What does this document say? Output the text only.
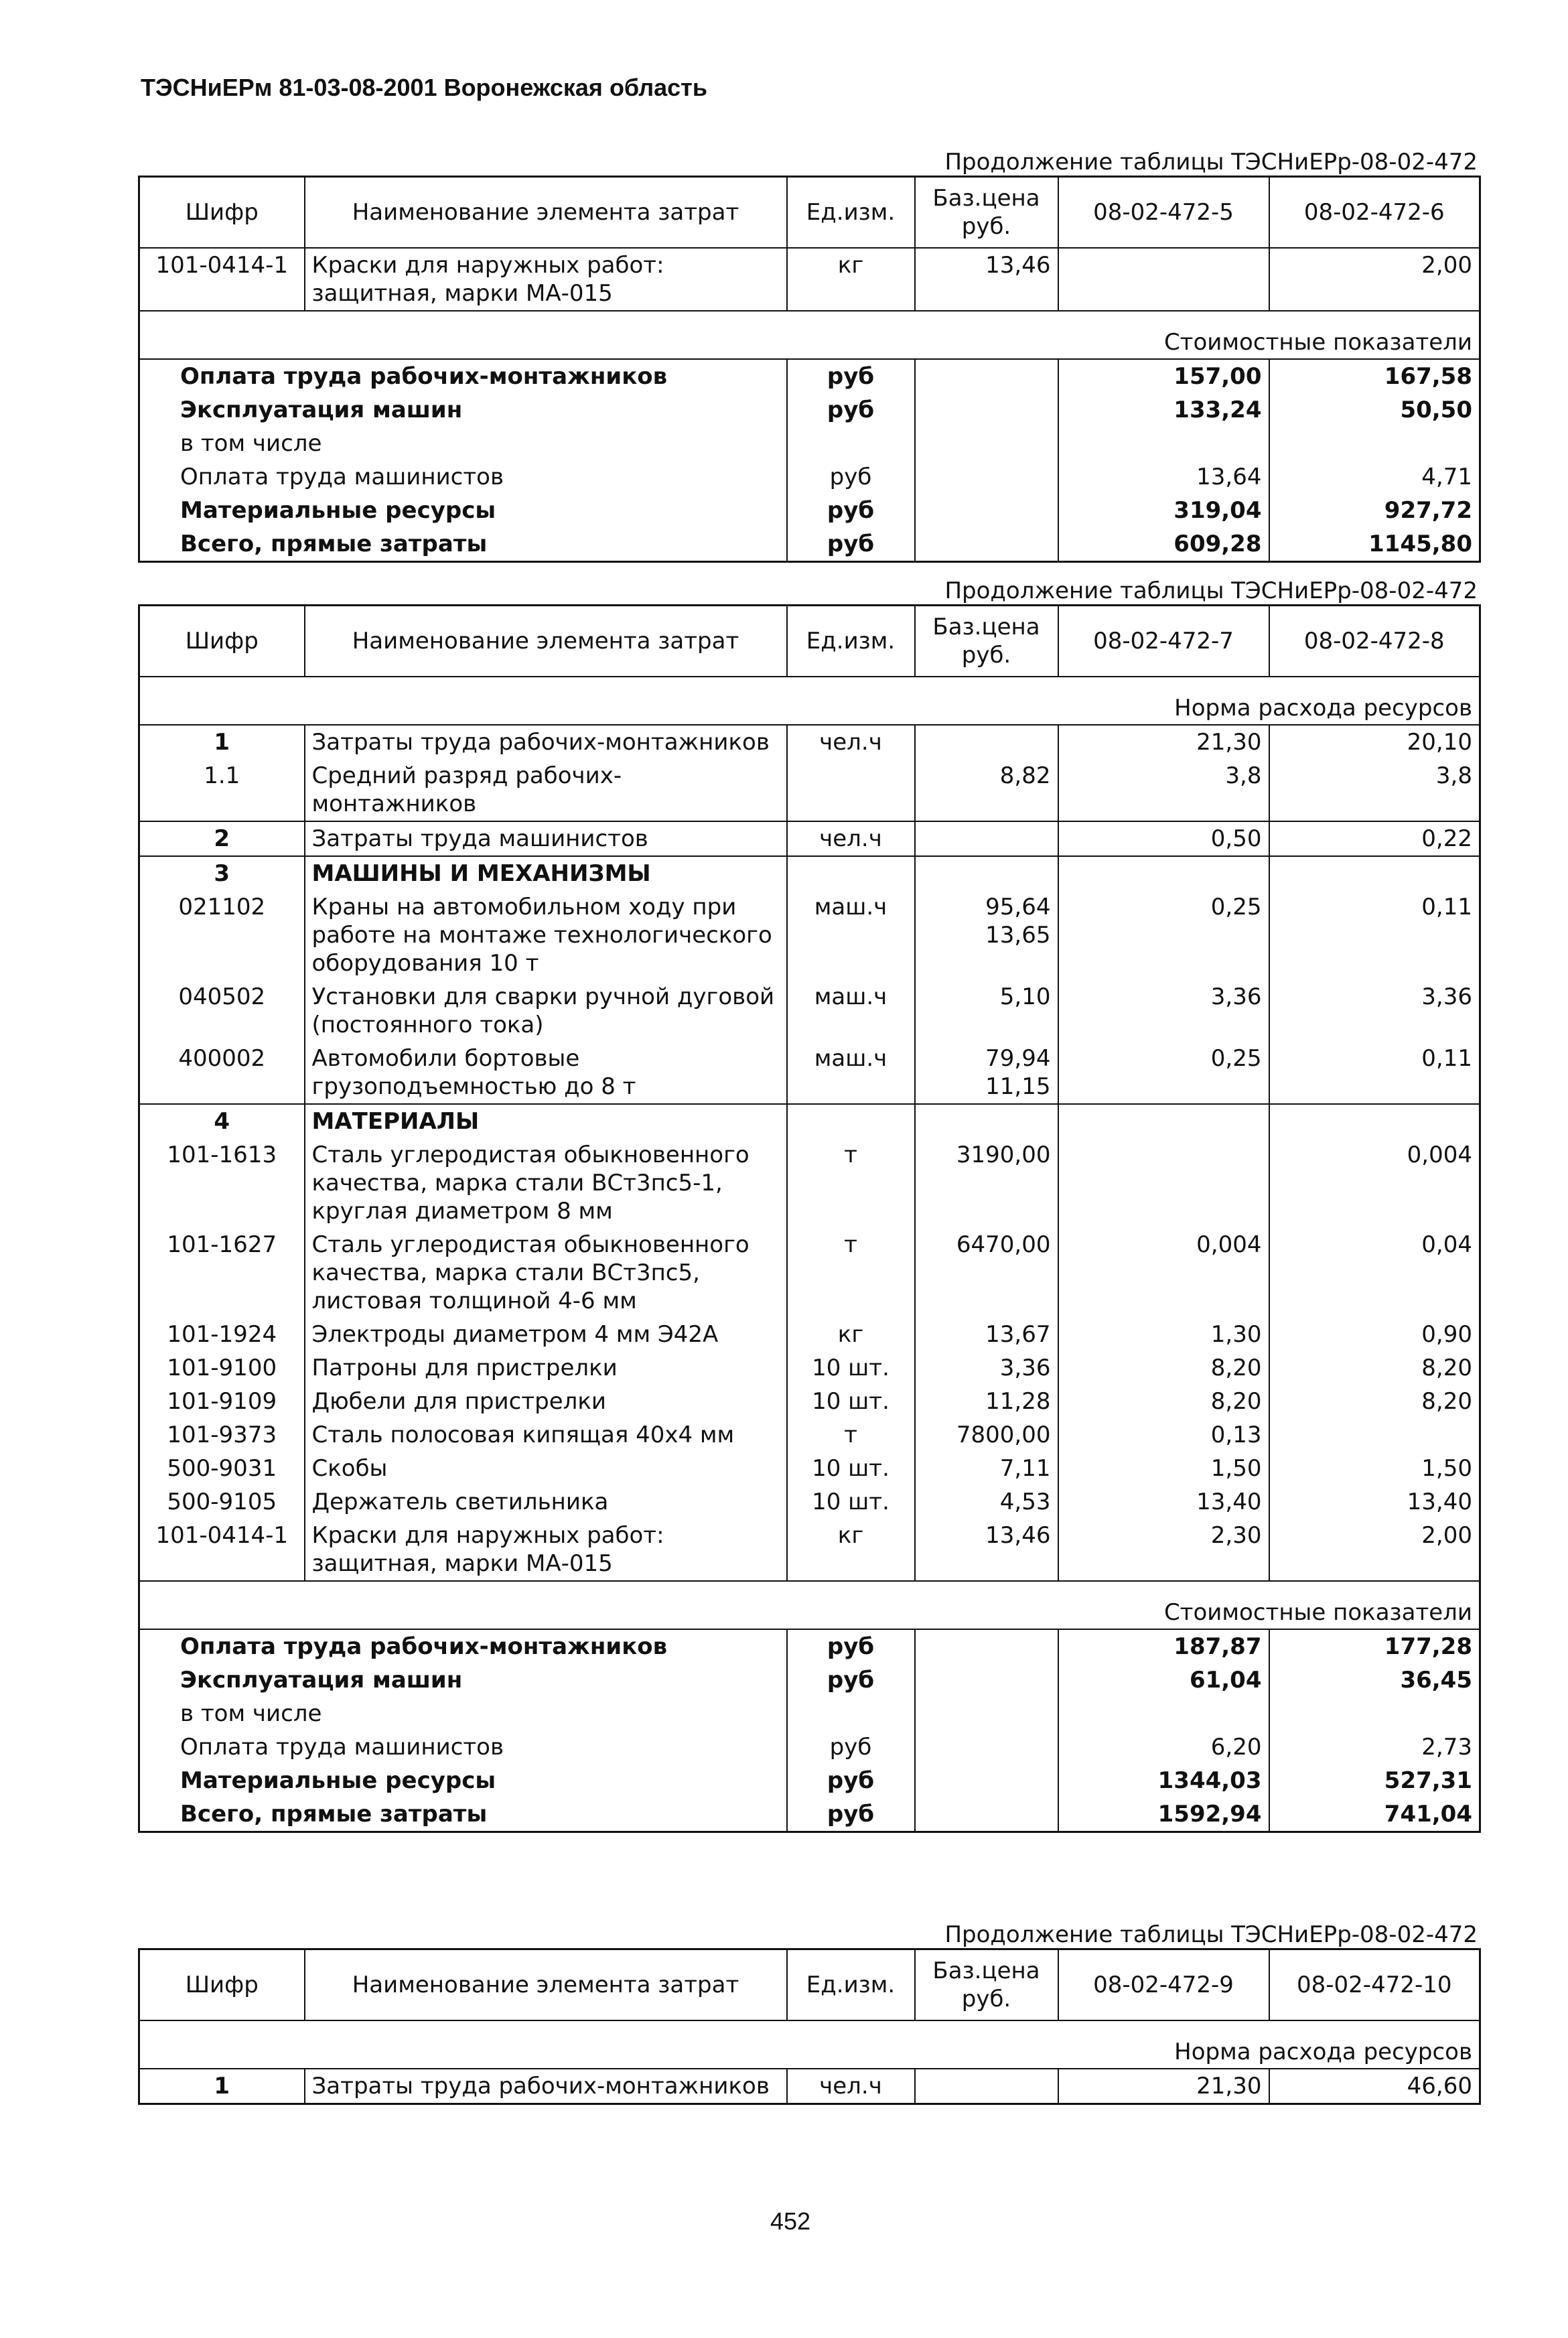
ТЭСНиЕРм 81-03-08-2001 Воронежская область
Продолжение таблицы ТЭСНиЕРр-08-02-472
Шифр	Наименование элемента затрат	Ед.изм.	Баз.цена руб.	08-02-472-5	08-02-472-6
101-0414-1	Краски для наружных работ: защитная, марки МА-015	кг	13,46		2,00
Стоимостные показатели					
Оплата труда рабочих-монтажников		руб		157,00	167,58
Эксплуатация машин		руб		133,24	50,50
в том числе					
Оплата труда машинистов		руб		13,64	4,71
Материальные ресурсы		руб		319,04	927,72
Всего, прямые затраты		руб		609,28	1145,80
Продолжение таблицы ТЭСНиЕРр-08-02-472
Шифр	Наименование элемента затрат	Ед.изм.	Баз.цена руб.	08-02-472-7	08-02-472-8
Норма расхода ресурсов					
1	Затраты труда рабочих-монтажников	чел.ч		21,30	20,10
1.1	Средний разряд рабочих-монтажников		8,82	3,8	3,8
2	Затраты труда машинистов	чел.ч		0,50	0,22
3	МАШИНЫ И МЕХАНИЗМЫ				
021102	Краны на автомобильном ходу при работе на монтаже технологического оборудования 10 т	маш.ч	95,64 13,65	0,25	0,11
040502	Установки для сварки ручной дуговой (постоянного тока)	маш.ч	5,10	3,36	3,36
400002	Автомобили бортовые грузоподъемностью до 8 т	маш.ч	79,94 11,15	0,25	0,11
4	МАТЕРИАЛЫ				
101-1613	Сталь углеродистая обыкновенного качества, марка стали ВСт3пс5-1, круглая диаметром 8 мм	т	3190,00		0,004
101-1627	Сталь углеродистая обыкновенного качества, марка стали ВСт3пс5, листовая толщиной 4-6 мм	т	6470,00	0,004	0,04
101-1924	Электроды диаметром 4 мм Э42А	кг	13,67	1,30	0,90
101-9100	Патроны для пристрелки	10 шт.	3,36	8,20	8,20
101-9109	Дюбели для пристрелки	10 шт.	11,28	8,20	8,20
101-9373	Сталь полосовая кипящая 40х4 мм	т	7800,00	0,13	
500-9031	Скобы	10 шт.	7,11	1,50	1,50
500-9105	Держатель светильника	10 шт.	4,53	13,40	13,40
101-0414-1	Краски для наружных работ: защитная, марки МА-015	кг	13,46	2,30	2,00
Стоимостные показатели					
Оплата труда рабочих-монтажников		руб		187,87	177,28
Эксплуатация машин		руб		61,04	36,45
в том числе					
Оплата труда машинистов		руб		6,20	2,73
Материальные ресурсы		руб		1344,03	527,31
Всего, прямые затраты		руб		1592,94	741,04
Продолжение таблицы ТЭСНиЕРр-08-02-472
Шифр	Наименование элемента затрат	Ед.изм.	Баз.цена руб.	08-02-472-9	08-02-472-10
Норма расхода ресурсов					
1	Затраты труда рабочих-монтажников	чел.ч		21,30	46,60
452
